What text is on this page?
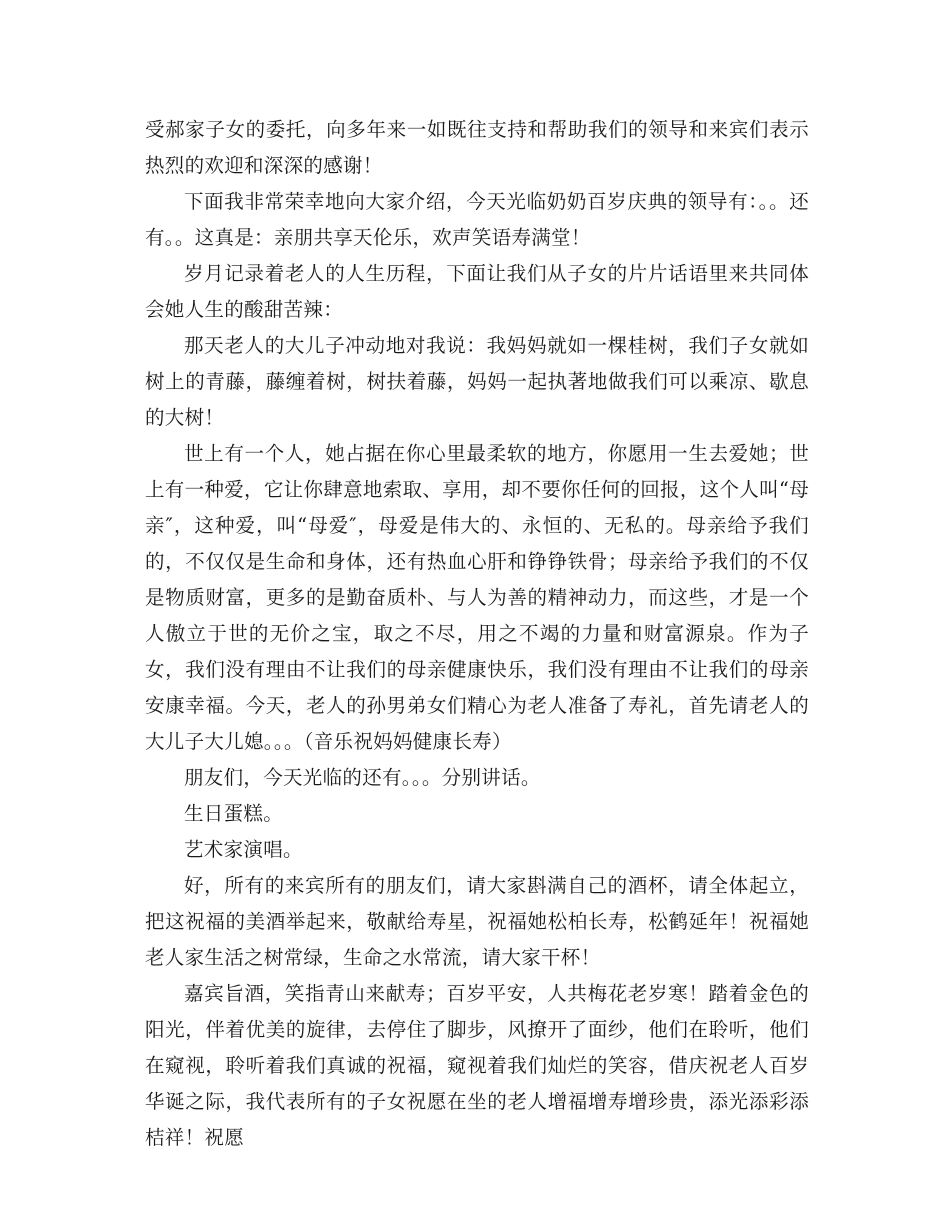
受郝家子女的委托，向多年来一如既往支持和帮助我们的领导和来宾们表示热烈的欢迎和深深的感谢！

下面我非常荣幸地向大家介绍，今天光临奶奶百岁庆典的领导有：。。还有。。这真是：亲朋共享天伦乐，欢声笑语寿满堂！

岁月记录着老人的人生历程，下面让我们从子女的片片话语里来共同体会她人生的酸甜苦辣：

那天老人的大儿子冲动地对我说：我妈妈就如一棵桂树，我们子女就如树上的青藤，藤缠着树，树扶着藤，妈妈一起执著地做我们可以乘凉、歇息的大树！

世上有一个人，她占据在你心里最柔软的地方，你愿用一生去爱她；世上有一种爱，它让你肆意地索取、享用，却不要你任何的回报，这个人叫“母亲″，这种爱，叫“母爱″，母爱是伟大的、永恒的、无私的。母亲给予我们的，不仅仅是生命和身体，还有热血心肝和铮铮铁骨；母亲给予我们的不仅是物质财富，更多的是勤奋质朴、与人为善的精神动力，而这些，才是一个人傲立于世的无价之宝，取之不尽，用之不竭的力量和财富源泉。作为子女，我们没有理由不让我们的母亲健康快乐，我们没有理由不让我们的母亲安康幸福。今天，老人的孙男弟女们精心为老人准备了寿礼，首先请老人的大儿子大儿媳。。。（音乐祝妈妈健康长寿）

朋友们，今天光临的还有。。。分别讲话。

生日蛋糕。

艺术家演唱。

好，所有的来宾所有的朋友们，请大家斟满自己的酒杯，请全体起立，把这祝福的美酒举起来，敬献给寿星，祝福她松柏长寿，松鹤延年！祝福她老人家生活之树常绿，生命之水常流，请大家干杯！

嘉宾旨酒，笑指青山来献寿；百岁平安，人共梅花老岁寒！踏着金色的阳光，伴着优美的旋律，去停住了脚步，风撩开了面纱，他们在聆听，他们在窥视，聆听着我们真诚的祝福，窥视着我们灿烂的笑容，借庆祝老人百岁华诞之际，我代表所有的子女祝愿在坐的老人增福增寿增珍贵，添光添彩添桔祥！祝愿
